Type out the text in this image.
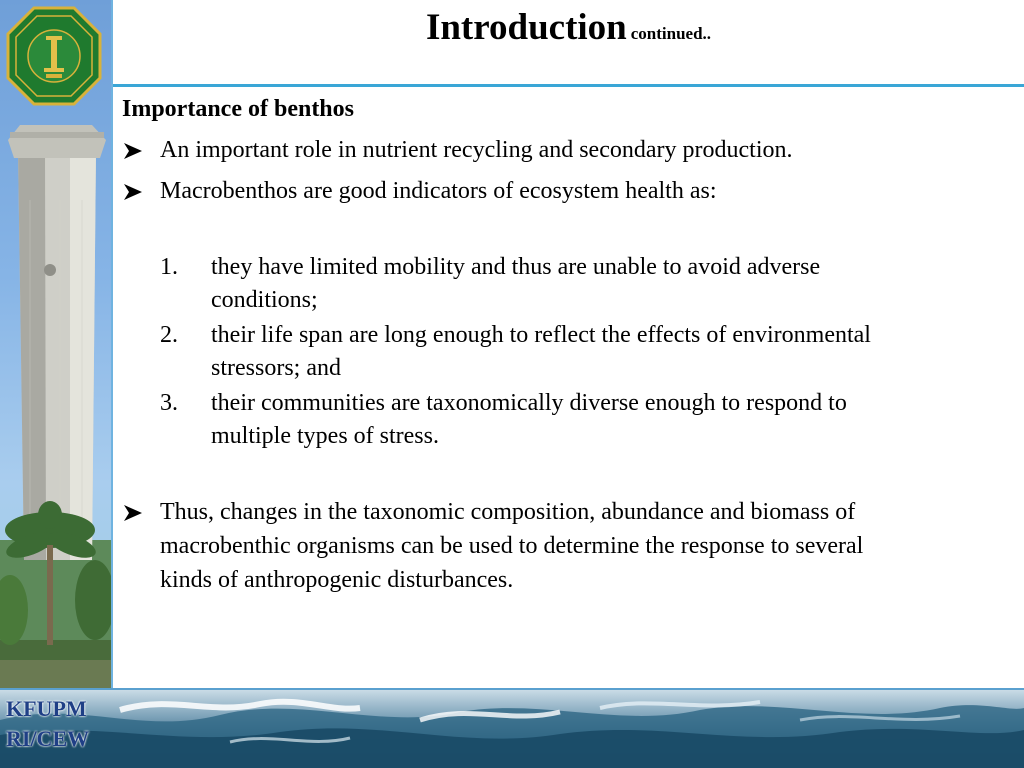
Introduction continued..
Importance of benthos
An important role in nutrient recycling and secondary production.
Macrobenthos are good indicators of ecosystem health as:
1. they have limited mobility and thus are unable to avoid adverse
conditions;
2. their life span are long enough to reflect the effects of environmental
stressors; and
3. their communities are taxonomically diverse enough to respond to
multiple types of stress.
Thus, changes in the taxonomic composition, abundance and biomass of
macrobenthic organisms can be used to determine the response to several
kinds of anthropogenic disturbances.
KFUPM
RI/CEW
